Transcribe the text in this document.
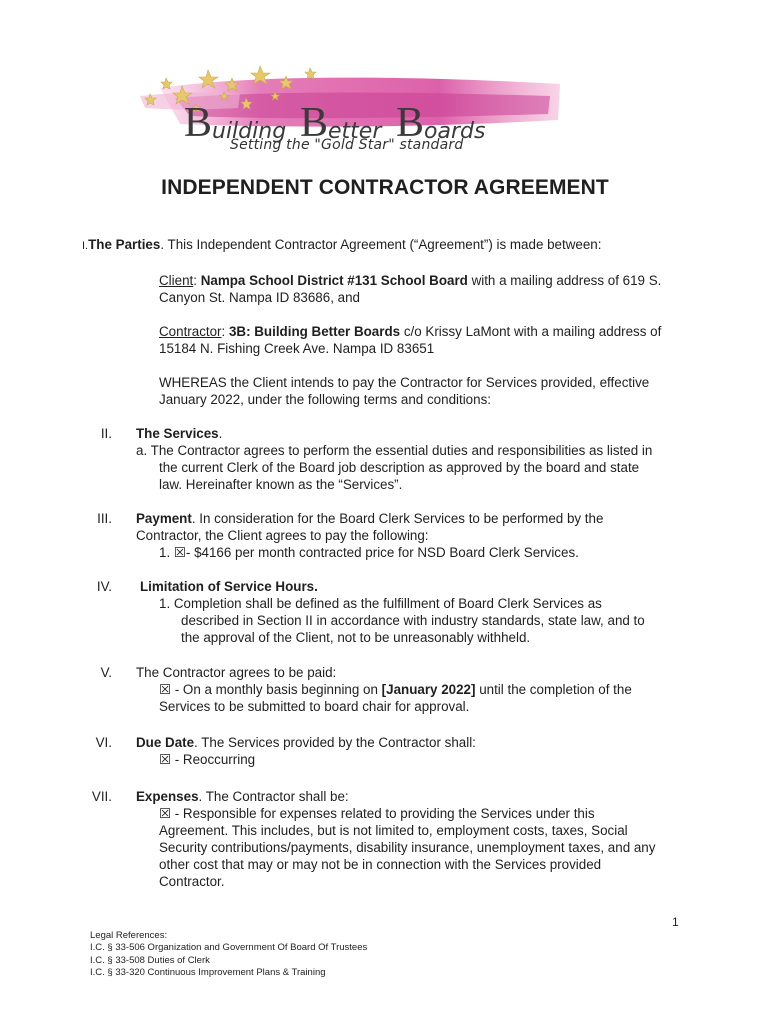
B uilding B etter B oards
Setting the "Gold Star" standard
INDEPENDENT CONTRACTOR AGREEMENT
I.The Parties. This Independent Contractor Agreement (“Agreement”) is made between:
Client: Nampa School District #131 School Board with a mailing address of 619 S.
Canyon St. Nampa ID 83686, and
Contractor: 3B: Building Better Boards c/o Krissy LaMont with a mailing address of
15184 N. Fishing Creek Ave. Nampa ID 83651
WHEREAS the Client intends to pay the Contractor for Services provided, effective
January 2022, under the following terms and conditions:
II. The Services.
a. The Contractor agrees to perform the essential duties and responsibilities as listed in
the current Clerk of the Board job description as approved by the board and state
law. Hereinafter known as the “Services”.
III. Payment. In consideration for the Board Clerk Services to be performed by the
Contractor, the Client agrees to pay the following:
1. ☒- $4166 per month contracted price for NSD Board Clerk Services.
IV. Limitation of Service Hours.
1. Completion shall be defined as the fulfillment of Board Clerk Services as
described in Section II in accordance with industry standards, state law, and to
the approval of the Client, not to be unreasonably withheld.
V. The Contractor agrees to be paid:
☒ - On a monthly basis beginning on [January 2022] until the completion of the
Services to be submitted to board chair for approval.
VI. Due Date. The Services provided by the Contractor shall:
☒ - Reoccurring
VII. Expenses. The Contractor shall be:
☒ - Responsible for expenses related to providing the Services under this
Agreement. This includes, but is not limited to, employment costs, taxes, Social
Security contributions/payments, disability insurance, unemployment taxes, and any
other cost that may or may not be in connection with the Services provided
Contractor.
1
Legal References:
I.C. § 33-506 Organization and Government Of Board Of Trustees
I.C. § 33-508 Duties of Clerk
I.C. § 33-320 Continuous Improvement Plans & Training
